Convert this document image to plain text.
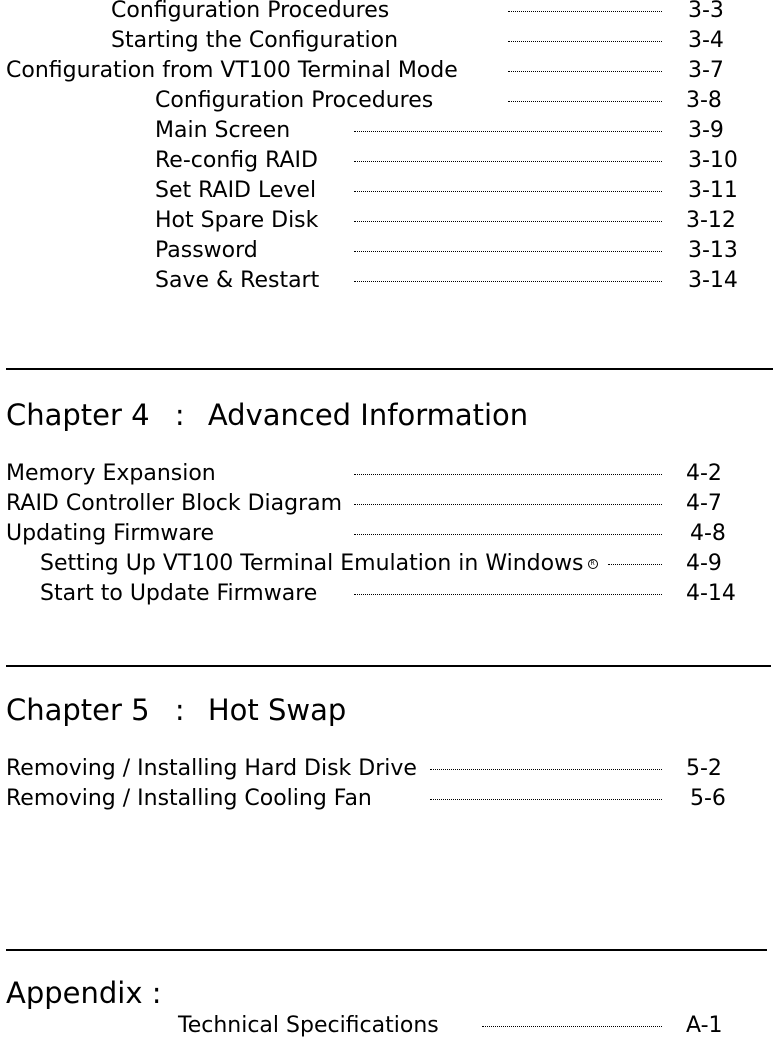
Configuration Procedures	3-3
Starting the Configuration	3-4
Configuration from VT100 Terminal Mode	3-7
Configuration Procedures	3-8
Main Screen	3-9
Re-config RAID	3-10
Set RAID Level	3-11
Hot Spare Disk	3-12
Password	3-13
Save & Restart	3-14
Chapter 4 : Advanced Information
Memory Expansion	4-2
RAID Controller Block Diagram	4-7
Updating Firmware	4-8
Setting Up VT100 Terminal Emulation in Windows R	4-9
Start to Update Firmware	4-14
Chapter 5 : Hot Swap
Removing / Installing Hard Disk Drive	5-2
Removing / Installing Cooling Fan	5-6
Appendix :
Technical Specifications	A-1
